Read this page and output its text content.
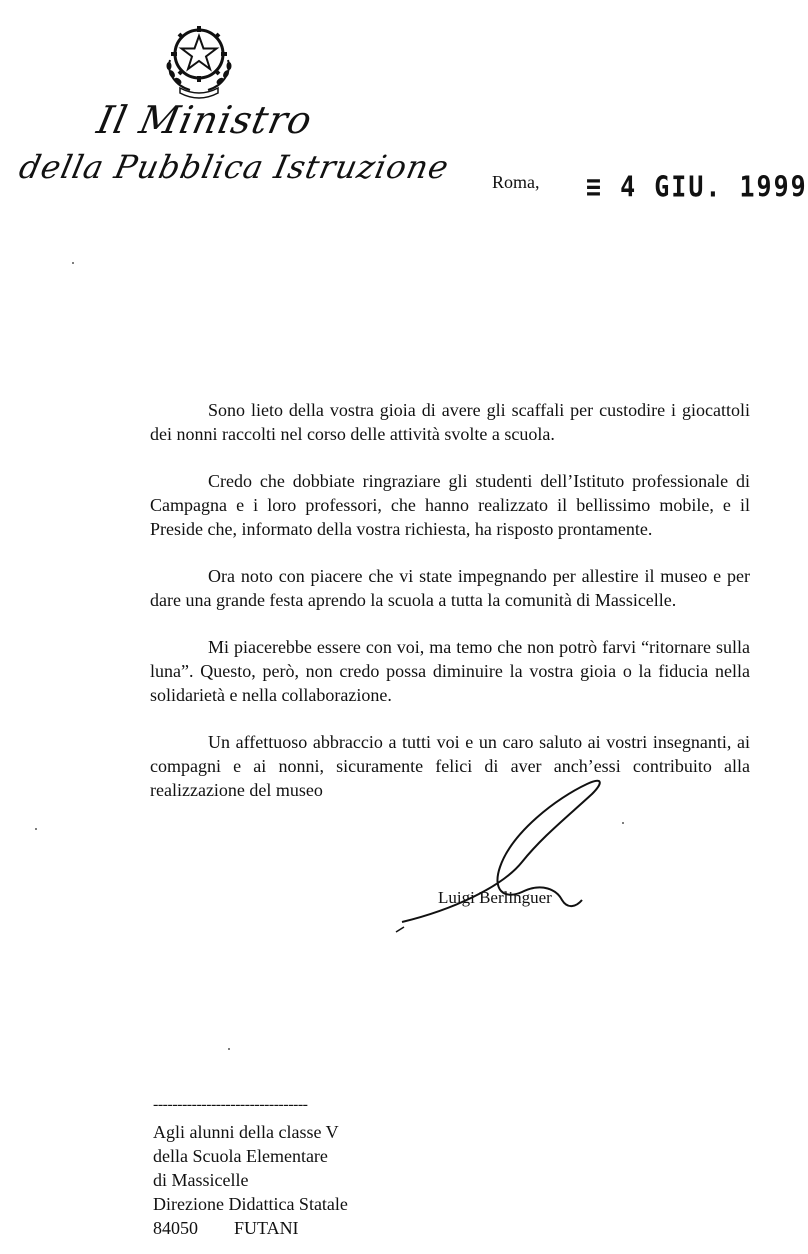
Il Ministro
della Pubblica Istruzione Roma, ≡ 4 GIU. 1999

Sono lieto della vostra gioia di avere gli scaffali per custodire i giocattoli dei nonni raccolti nel corso delle attività svolte a scuola.

Credo che dobbiate ringraziare gli studenti dell’Istituto professionale di Campagna e i loro professori, che hanno realizzato il bellissimo mobile, e il Preside che, informato della vostra richiesta, ha risposto prontamente.

Ora noto con piacere che vi state impegnando per allestire il museo e per dare una grande festa aprendo la scuola a tutta la comunità di Massicelle.

Mi piacerebbe essere con voi, ma temo che non potrò farvi “ritornare sulla luna”. Questo, però, non credo possa diminuire la vostra gioia o la fiducia nella solidarietà e nella collaborazione.

Un affettuoso abbraccio a tutti voi e un caro saluto ai vostri insegnanti, ai compagni e ai nonni, sicuramente felici di aver anch’essi contribuito alla realizzazione del museo

Luigi Berlinguer
--------------------------------
Agli alunni della classe V
della Scuola Elementare
di Massicelle
Direzione Didattica Statale
84050        FUTANI
